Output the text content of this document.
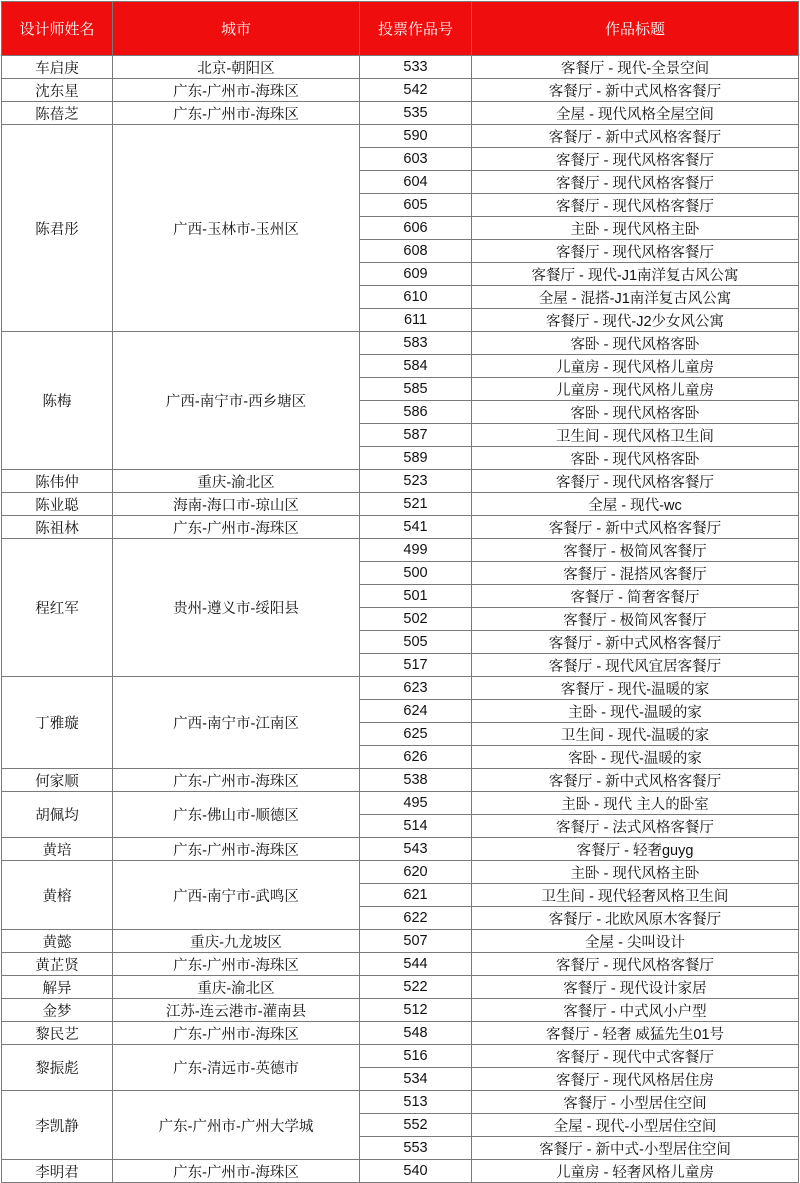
设计师姓名	城市	投票作品号	作品标题
车启庚	北京-朝阳区	533	客餐厅 - 现代-全景空间
沈东星	广东-广州市-海珠区	542	客餐厅 - 新中式风格客餐厅
陈蓓芝	广东-广州市-海珠区	535	全屋 - 现代风格全屋空间
陈君彤	广西-玉林市-玉州区	590	客餐厅 - 新中式风格客餐厅
		603	客餐厅 - 现代风格客餐厅
		604	客餐厅 - 现代风格客餐厅
		605	客餐厅 - 现代风格客餐厅
		606	主卧 - 现代风格主卧
		608	客餐厅 - 现代风格客餐厅
		609	客餐厅 - 现代-J1南洋复古风公寓
		610	全屋 - 混搭-J1南洋复古风公寓
		611	客餐厅 - 现代-J2少女风公寓
陈梅	广西-南宁市-西乡塘区	583	客卧 - 现代风格客卧
		584	儿童房 - 现代风格儿童房
		585	儿童房 - 现代风格儿童房
		586	客卧 - 现代风格客卧
		587	卫生间 - 现代风格卫生间
		589	客卧 - 现代风格客卧
陈伟仲	重庆-渝北区	523	客餐厅 - 现代风格客餐厅
陈业聪	海南-海口市-琼山区	521	全屋 - 现代-wc
陈祖林	广东-广州市-海珠区	541	客餐厅 - 新中式风格客餐厅
程红军	贵州-遵义市-绥阳县	499	客餐厅 - 极简风客餐厅
		500	客餐厅 - 混搭风客餐厅
		501	客餐厅 - 简奢客餐厅
		502	客餐厅 - 极简风客餐厅
		505	客餐厅 - 新中式风格客餐厅
		517	客餐厅 - 现代风宜居客餐厅
丁雅璇	广西-南宁市-江南区	623	客餐厅 - 现代-温暖的家
		624	主卧 - 现代-温暖的家
		625	卫生间 - 现代-温暖的家
		626	客卧 - 现代-温暖的家
何家顺	广东-广州市-海珠区	538	客餐厅 - 新中式风格客餐厅
胡佩均	广东-佛山市-顺德区	495	主卧 - 现代 主人的卧室
		514	客餐厅 - 法式风格客餐厅
黄培	广东-广州市-海珠区	543	客餐厅 - 轻奢guyg
黄榕	广西-南宁市-武鸣区	620	主卧 - 现代风格主卧
		621	卫生间 - 现代轻奢风格卫生间
		622	客餐厅 - 北欧风原木客餐厅
黄懿	重庆-九龙坡区	507	全屋 - 尖叫设计
黄芷贤	广东-广州市-海珠区	544	客餐厅 - 现代风格客餐厅
解异	重庆-渝北区	522	客餐厅 - 现代设计家居
金梦	江苏-连云港市-灌南县	512	客餐厅 - 中式风小户型
黎民艺	广东-广州市-海珠区	548	客餐厅 - 轻奢 威猛先生01号
黎振彪	广东-清远市-英德市	516	客餐厅 - 现代中式客餐厅
		534	客餐厅 - 现代风格居住房
李凯静	广东-广州市-广州大学城	513	客餐厅 - 小型居住空间
		552	全屋 - 现代-小型居住空间
		553	客餐厅 - 新中式-小型居住空间
李明君	广东-广州市-海珠区	540	儿童房 - 轻奢风格儿童房
